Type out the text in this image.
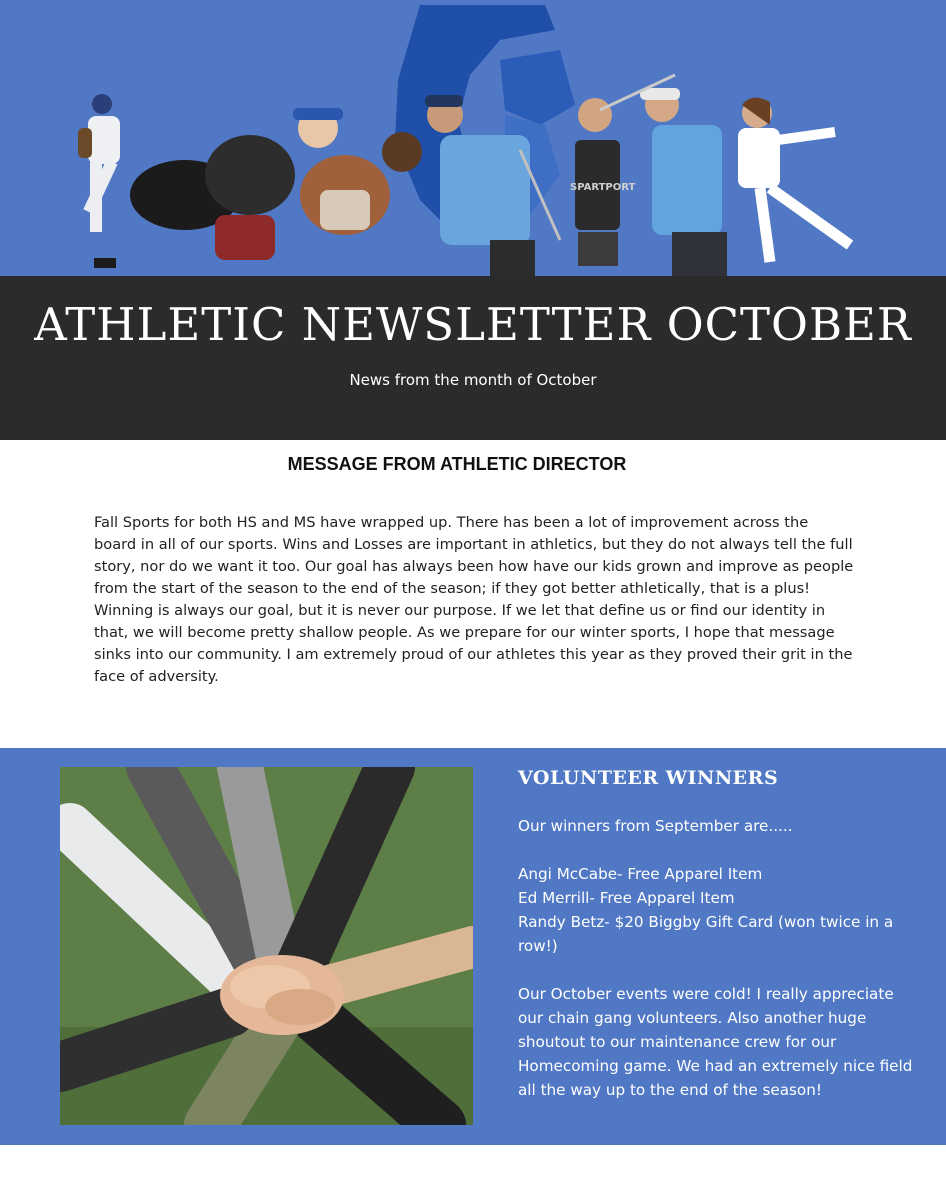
SPARTPORT
ATHLETIC NEWSLETTER OCTOBER
News from the month of October
MESSAGE FROM ATHLETIC DIRECTOR

Fall Sports for both HS and MS have wrapped up. There has been a lot of improvement across the board in all of our sports. Wins and Losses are important in athletics, but they do not always tell the full story, nor do we want it too. Our goal has always been how have our kids grown and improve as people from the start of the season to the end of the season; if they got better athletically, that is a plus! Winning is always our goal, but it is never our purpose. If we let that define us or find our identity in that, we will become pretty shallow people. As we prepare for our winter sports, I hope that message sinks into our community. I am extremely proud of our athletes this year as they proved their grit in the face of adversity.

VOLUNTEER WINNERS

Our winners from September are.....

Angi McCabe- Free Apparel Item

Ed Merrill- Free Apparel Item

Randy Betz- $20 Biggby Gift Card (won twice in a row!)

Our October events were cold! I really appreciate our chain gang volunteers. Also another huge shoutout to our maintenance crew for our Homecoming game. We had an extremely nice field all the way up to the end of the season!
